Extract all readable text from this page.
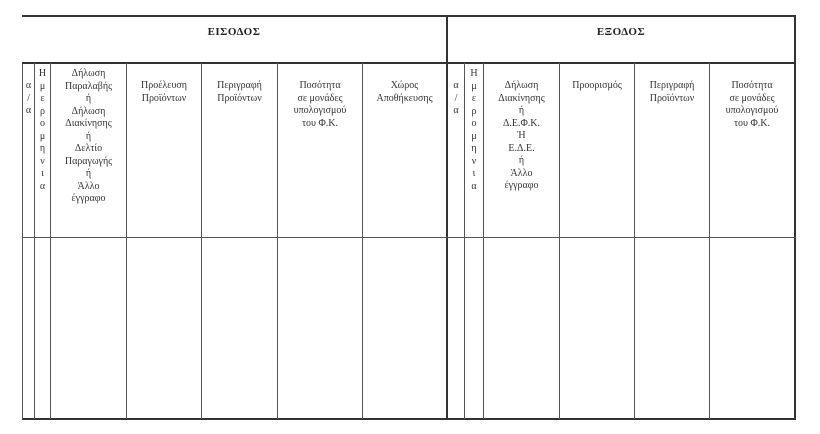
ΕΙΣΟΔΟΣ	ΕΞΟΔΟΣ
α
/
α
Η
μ
ε
ρ
ο
μ
η
ν
ι
α
Δήλωση
Παραλαβής
ή
Δήλωση
Διακίνησης
ή
Δελτίο
Παραγωγής
ή
Άλλο
έγγραφο
Προέλευση
Προϊόντων
Περιγραφή
Προϊόντων
Ποσότητα
σε μονάδες
υπολογισμού
του Φ.Κ.
Χώρος
Αποθήκευσης
α
/
α
Η
μ
ε
ρ
ο
μ
η
ν
ι
α
Δήλωση
Διακίνησης
ή
Δ.Ε.Φ.Κ.
Ή
Ε.Δ.Ε.
ή
Άλλο
έγγραφο
Προορισμός	Περιγραφή
Προϊόντων
Ποσότητα
σε μονάδες
υπολογισμού
του Φ.Κ.
